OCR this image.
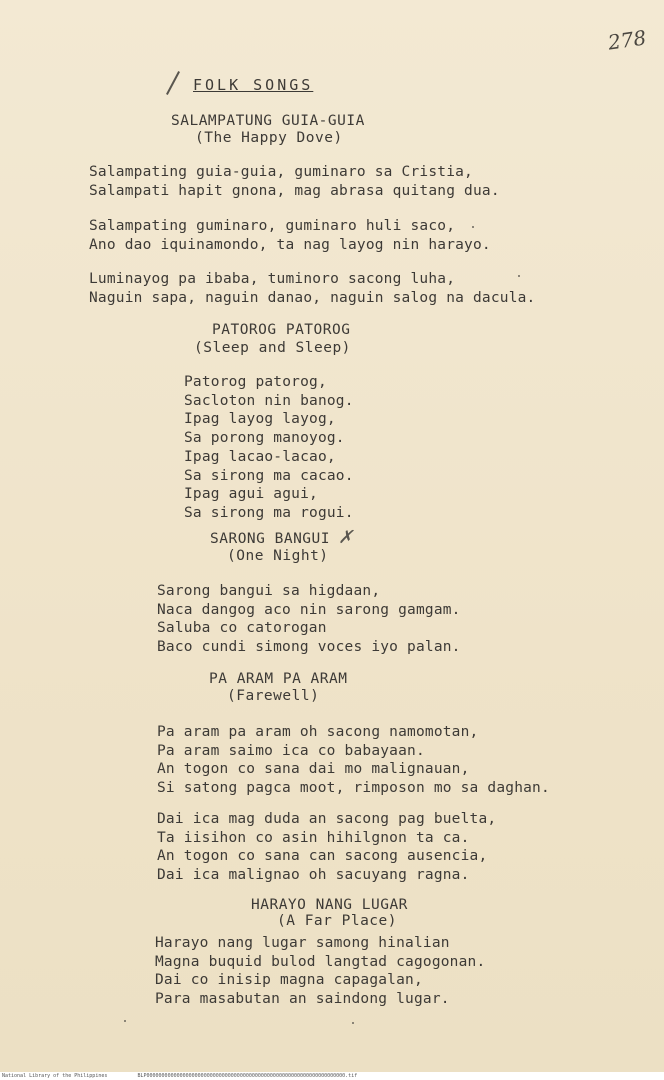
278
FOLK SONGS
SALAMPATUNG GUIA-GUIA
(The Happy Dove)
Salampating guia-guia, guminaro sa Cristia,
Salampati hapit gnona, mag abrasa quitang dua.
Salampating guminaro, guminaro huli saco,
Ano dao iquinamondo, ta nag layog nin harayo.
Luminayog pa ibaba, tuminoro sacong luha,
Naguin sapa, naguin danao, naguin salog na dacula.
PATOROG PATOROG
(Sleep and Sleep)
Patorog patorog,
Sacloton nin banog.
Ipag layog layog,
Sa porong manoyog.
Ipag lacao-lacao,
Sa sirong ma cacao.
Ipag agui agui,
Sa sirong ma rogui.
SARONG BANGUI ✗
(One Night)
Sarong bangui sa higdaan,
Naca dangog aco nin sarong gamgam.
Saluba co catorogan
Baco cundi simong voces iyo palan.
PA ARAM PA ARAM
(Farewell)
Pa aram pa aram oh sacong namomotan,
Pa aram saimo ica co babayaan.
An togon co sana dai mo malignauan,
Si satong pagca moot, rimposon mo sa daghan.
Dai ica mag duda an sacong pag buelta,
Ta iisihon co asin hihilgnon ta ca.
An togon co sana can sacong ausencia,
Dai ica malignao oh sacuyang ragna.
HARAYO NANG LUGAR
(A Far Place)
Harayo nang lugar samong hinalian
Magna buquid bulod langtad cagogonan.
Dai co inisip magna capagalan,
Para masabutan an saindong lugar.
National Library of the Philippines	BLP000000000000000000000000000000000000000000000000000000000000000000.tif
